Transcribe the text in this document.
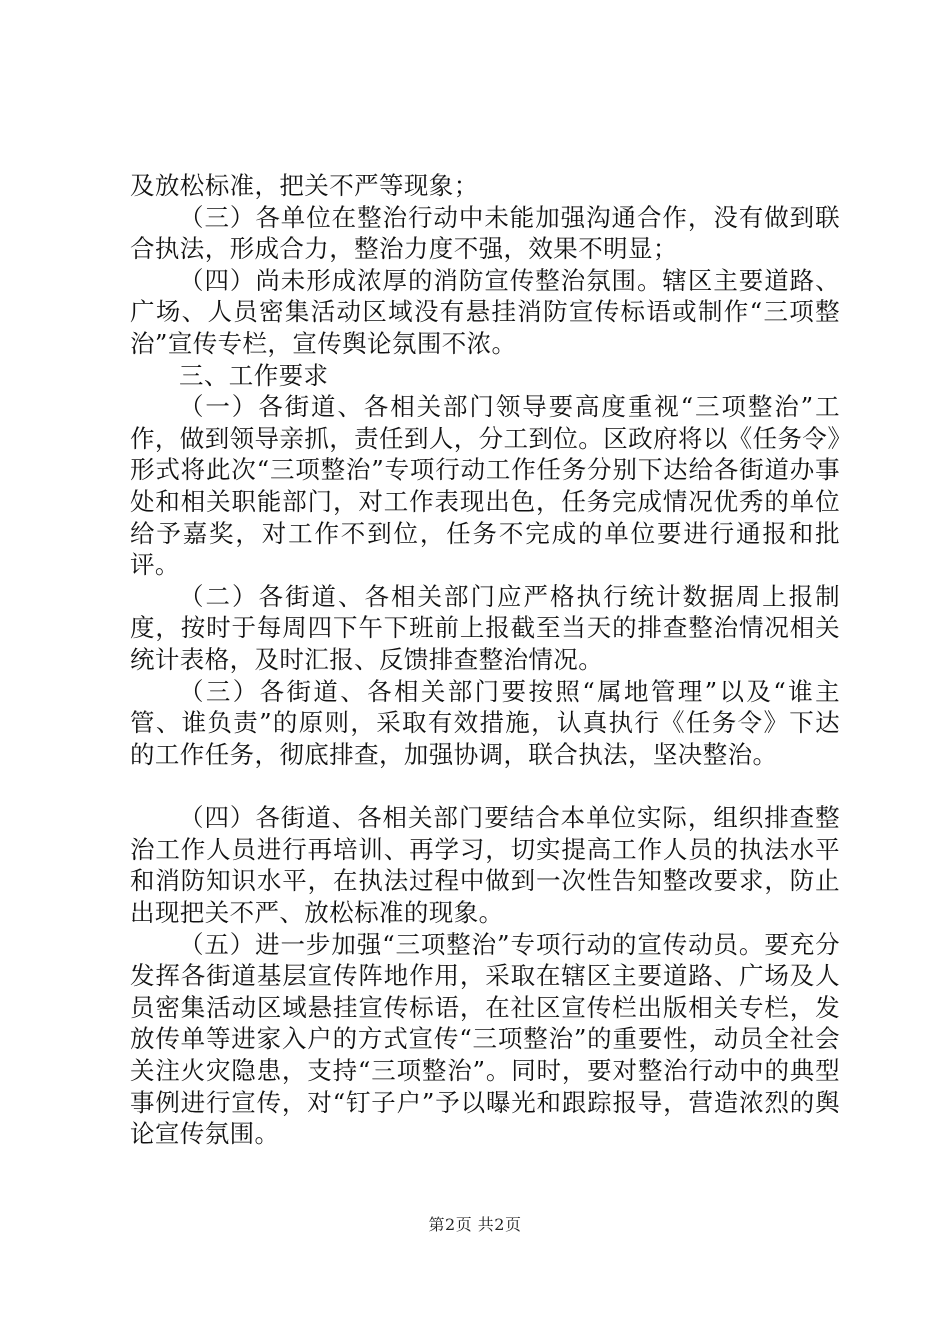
及放松标准，把关不严等现象；

（三）各单位在整治行动中未能加强沟通合作，没有做到联合执法，形成合力，整治力度不强，效果不明显；

（四）尚未形成浓厚的消防宣传整治氛围。辖区主要道路、广场、人员密集活动区域没有悬挂消防宣传标语或制作“三项整治”宣传专栏，宣传舆论氛围不浓。

三、工作要求

（一）各街道、各相关部门领导要高度重视“三项整治”工作，做到领导亲抓，责任到人，分工到位。区政府将以《任务令》形式将此次“三项整治”专项行动工作任务分别下达给各街道办事处和相关职能部门，对工作表现出色，任务完成情况优秀的单位给予嘉奖，对工作不到位，任务不完成的单位要进行通报和批评。

（二）各街道、各相关部门应严格执行统计数据周上报制度，按时于每周四下午下班前上报截至当天的排查整治情况相关统计表格，及时汇报、反馈排查整治情况。

（三）各街道、各相关部门要按照“属地管理”以及“谁主管、谁负责”的原则，采取有效措施，认真执行《任务令》下达的工作任务，彻底排查，加强协调，联合执法，坚决整治。

（四）各街道、各相关部门要结合本单位实际，组织排查整治工作人员进行再培训、再学习，切实提高工作人员的执法水平和消防知识水平，在执法过程中做到一次性告知整改要求，防止出现把关不严、放松标准的现象。

（五）进一步加强“三项整治”专项行动的宣传动员。要充分发挥各街道基层宣传阵地作用，采取在辖区主要道路、广场及人员密集活动区域悬挂宣传标语，在社区宣传栏出版相关专栏，发放传单等进家入户的方式宣传“三项整治”的重要性，动员全社会关注火灾隐患，支持“三项整治”。同时，要对整治行动中的典型事例进行宣传，对“钉子户”予以曝光和跟踪报导，营造浓烈的舆论宣传氛围。

第2页 共2页
